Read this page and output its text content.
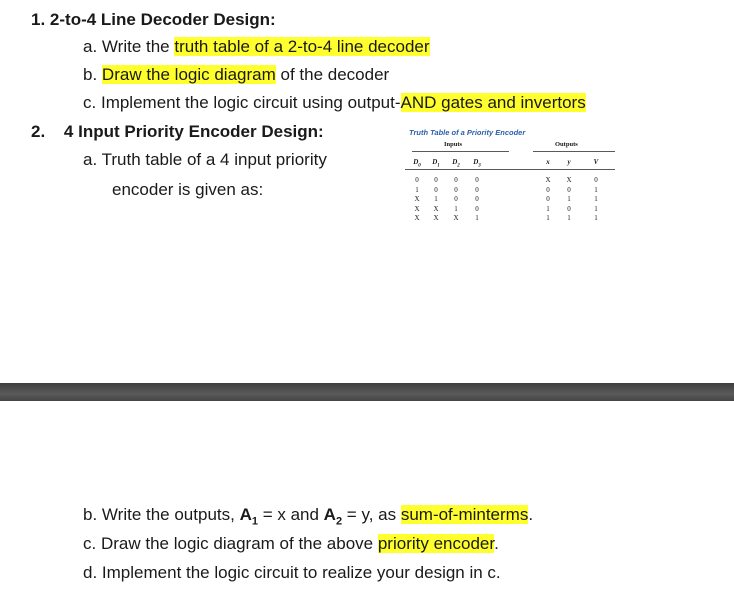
1. 2-to-4 Line Decoder Design:
a. Write the truth table of a 2-to-4 line decoder
b. Draw the logic diagram of the decoder
c. Implement the logic circuit using output-AND gates and invertors
2. 4 Input Priority Encoder Design:
a. Truth table of a 4 input priority
encoder is given as:
Truth Table of a Priority Encoder
Inputs	Outputs
$D_0$	$D_1$	$D_2$	$D_3$	x	y	V
0	0	0	0	X	X	0
1	0	0	0	0	0	1
X	1	0	0	0	1	1
X	X	1	0	1	0	1
X	X	X	1	1	1	1
b. Write the outputs, $A_1 = x$ and $A_2 = y$, as sum-of-minterms.
c. Draw the logic diagram of the above priority encoder.
d. Implement the logic circuit to realize your design in c.
